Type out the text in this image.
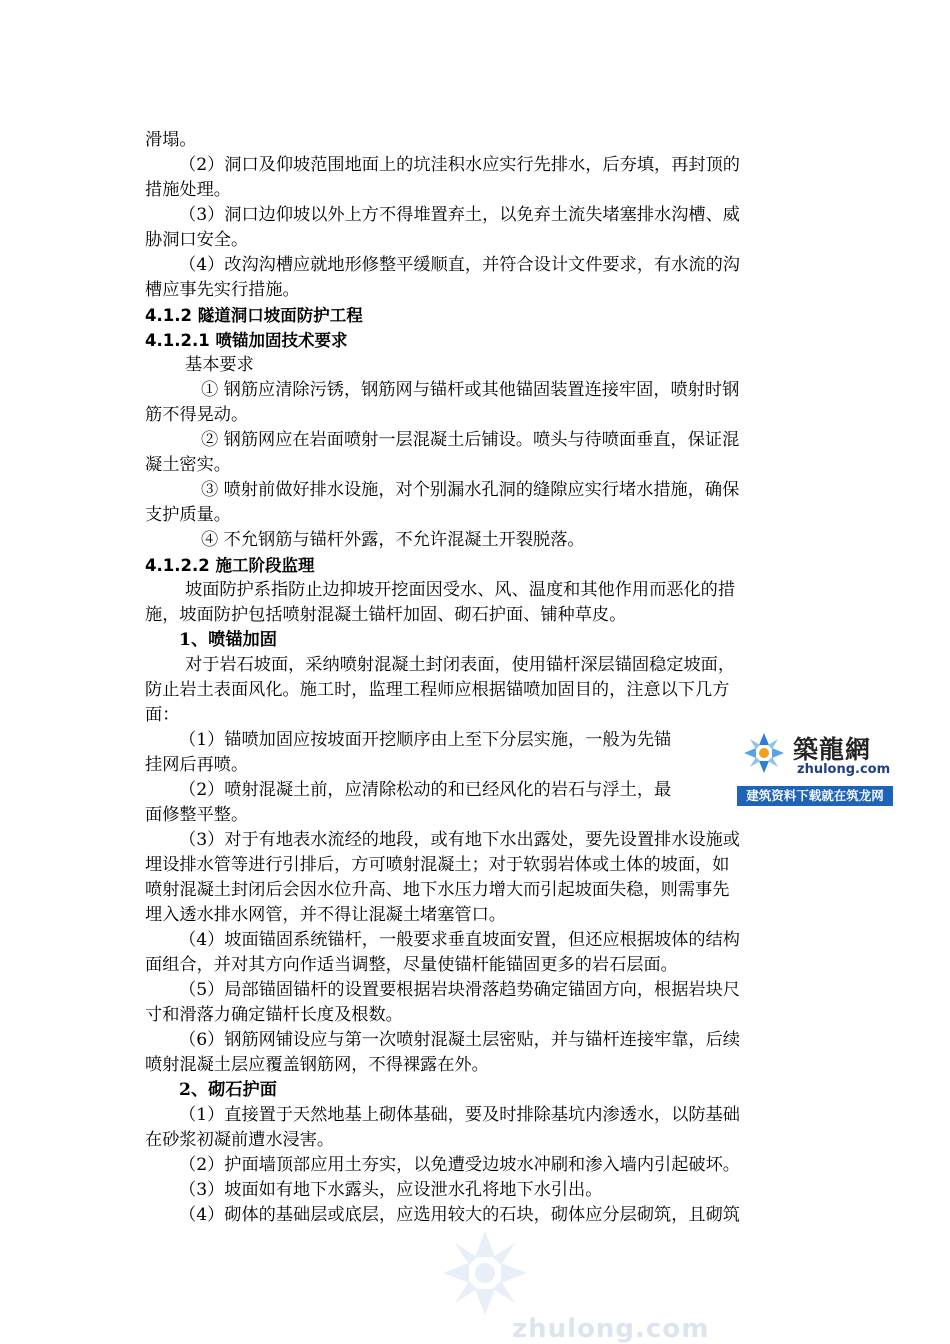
滑塌。
（2）洞口及仰坡范围地面上的坑洼积水应实行先排水，后夯填，再封顶的
措施处理。
（3）洞口边仰坡以外上方不得堆置弃土，以免弃土流失堵塞排水沟槽、威
胁洞口安全。
（4）改沟沟槽应就地形修整平缓顺直，并符合设计文件要求，有水流的沟
槽应事先实行措施。
4.1.2 隧道洞口坡面防护工程
4.1.2.1 喷锚加固技术要求
基本要求
① 钢筋应清除污锈，钢筋网与锚杆或其他锚固装置连接牢固，喷射时钢
筋不得晃动。
② 钢筋网应在岩面喷射一层混凝土后铺设。喷头与待喷面垂直，保证混
凝土密实。
③ 喷射前做好排水设施，对个别漏水孔洞的缝隙应实行堵水措施，确保
支护质量。
④ 不允钢筋与锚杆外露，不允许混凝土开裂脱落。
4.1.2.2 施工阶段监理
坡面防护系指防止边抑坡开挖面因受水、风、温度和其他作用而恶化的措
施，坡面防护包括喷射混凝土锚杆加固、砌石护面、铺种草皮。
1、喷锚加固
对于岩石坡面，采纳喷射混凝土封闭表面，使用锚杆深层锚固稳定坡面，
防止岩土表面风化。施工时，监理工程师应根据锚喷加固目的，注意以下几方
面：
（1）锚喷加固应按坡面开挖顺序由上至下分层实施，一般为先锚
挂网后再喷。
（2）喷射混凝土前，应清除松动的和已经风化的岩石与浮土，最
面修整平整。
（3）对于有地表水流经的地段，或有地下水出露处，要先设置排水设施或
埋设排水管等进行引排后，方可喷射混凝土；对于软弱岩体或土体的坡面，如
喷射混凝土封闭后会因水位升高、地下水压力增大而引起坡面失稳，则需事先
埋入透水排水网管，并不得让混凝土堵塞管口。
（4）坡面锚固系统锚杆，一般要求垂直坡面安置，但还应根据坡体的结构
面组合，并对其方向作适当调整，尽量使锚杆能锚固更多的岩石层面。
（5）局部锚固锚杆的设置要根据岩块滑落趋势确定锚固方向，根据岩块尺
寸和滑落力确定锚杆长度及根数。
（6）钢筋网铺设应与第一次喷射混凝土层密贴，并与锚杆连接牢靠，后续
喷射混凝土层应覆盖钢筋网，不得裸露在外。
2、砌石护面
（1）直接置于天然地基上砌体基础，要及时排除基坑内渗透水，以防基础
在砂浆初凝前遭水浸害。
（2）护面墙顶部应用土夯实，以免遭受边坡水冲刷和渗入墙内引起破坏。
（3）坡面如有地下水露头，应设泄水孔将地下水引出。
（4）砌体的基础层或底层，应选用较大的石块，砌体应分层砌筑，且砌筑
築龍網
zhulong.com
建筑资料下载就在筑龙网
zhulong.com
